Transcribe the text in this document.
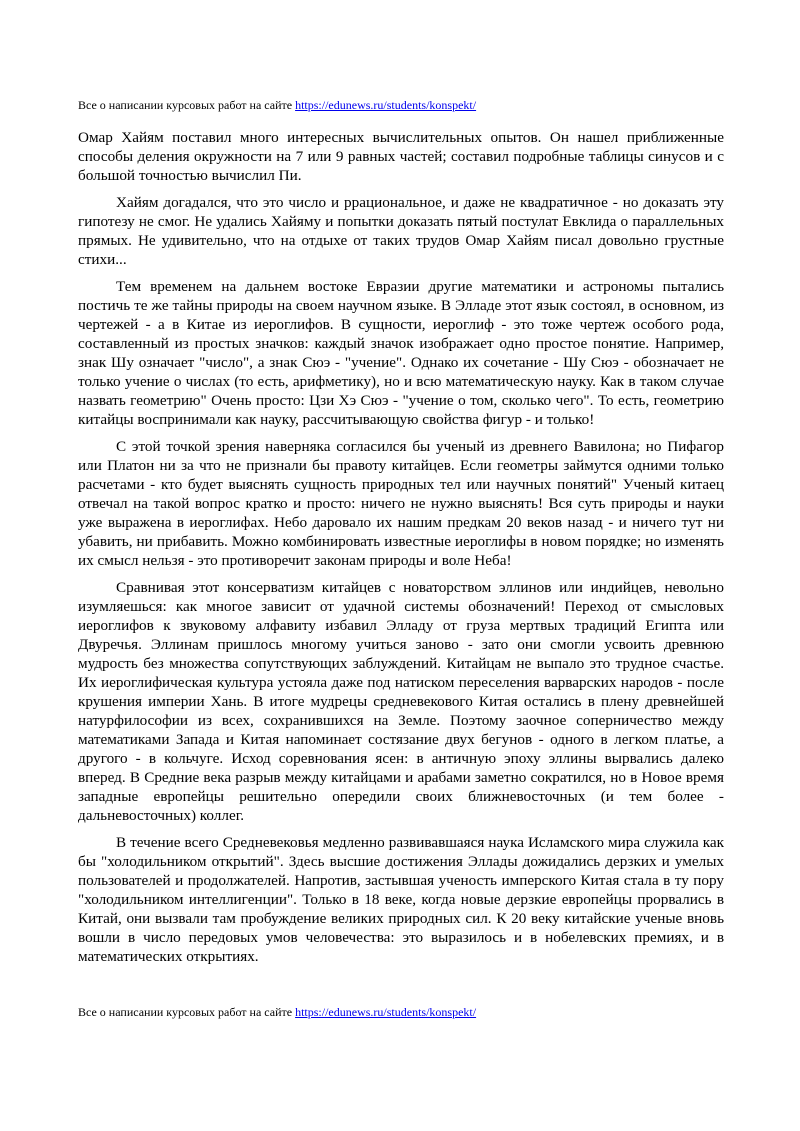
Все о написании курсовых работ на сайте https://edunews.ru/students/konspekt/

Омар Хайям поставил много интересных вычислительных опытов. Он нашел приближенные способы деления окружности на 7 или 9 равных частей; составил подробные таблицы синусов и с большой точностью вычислил Пи.

Хайям догадался, что это число и ррациональное, и даже не квадратичное - но доказать эту гипотезу не смог. Не удались Хайяму и попытки доказать пятый постулат Евклида о параллельных прямых. Не удивительно, что на отдыхе от таких трудов Омар Хайям писал довольно грустные стихи...

Тем временем на дальнем востоке Евразии другие математики и астрономы пытались постичь те же тайны природы на своем научном языке. В Элладе этот язык состоял, в основном, из чертежей - а в Китае из иероглифов. В сущности, иероглиф - это тоже чертеж особого рода, составленный из простых значков: каждый значок изображает одно простое понятие. Например, знак Шу означает "число", а знак Сюэ - "учение". Однако их сочетание - Шу Сюэ - обозначает не только учение о числах (то есть, арифметику), но и всю математическую науку. Как в таком случае назвать геометрию" Очень просто: Цзи Хэ Сюэ - "учение о том, сколько чего". То есть, геометрию китайцы воспринимали как науку, рассчитывающую свойства фигур - и только!

С этой точкой зрения наверняка согласился бы ученый из древнего Вавилона; но Пифагор или Платон ни за что не признали бы правоту китайцев. Если геометры займутся одними только расчетами - кто будет выяснять сущность природных тел или научных понятий" Ученый китаец отвечал на такой вопрос кратко и просто: ничего не нужно выяснять! Вся суть природы и науки уже выражена в иероглифах. Небо даровало их нашим предкам 20 веков назад - и ничего тут ни убавить, ни прибавить. Можно комбинировать известные иероглифы в новом порядке; но изменять их смысл нельзя - это противоречит законам природы и воле Неба!

Сравнивая этот консерватизм китайцев с новаторством эллинов или индийцев, невольно изумляешься: как многое зависит от удачной системы обозначений! Переход от смысловых иероглифов к звуковому алфавиту избавил Элладу от груза мертвых традиций Египта или Двуречья. Эллинам пришлось многому учиться заново - зато они смогли усвоить древнюю мудрость без множества сопутствующих заблуждений. Китайцам не выпало это трудное счастье. Их иероглифическая культура устояла даже под натиском переселения варварских народов - после крушения империи Хань. В итоге мудрецы средневекового Китая остались в плену древнейшей натурфилософии из всех, сохранившихся на Земле. Поэтому заочное соперничество между математиками Запада и Китая напоминает состязание двух бегунов - одного в легком платье, а другого - в кольчуге. Исход соревнования ясен: в античную эпоху эллины вырвались далеко вперед. В Средние века разрыв между китайцами и арабами заметно сократился, но в Новое время западные европейцы решительно опередили своих ближневосточных (и тем более - дальневосточных) коллег.

В течение всего Средневековья медленно развивавшаяся наука Исламского мира служила как бы "холодильником открытий". Здесь высшие достижения Эллады дожидались дерзких и умелых пользователей и продолжателей. Напротив, застывшая ученость имперского Китая стала в ту пору "холодильником интеллигенции". Только в 18 веке, когда новые дерзкие европейцы прорвались в Китай, они вызвали там пробуждение великих природных сил. К 20 веку китайские ученые вновь вошли в число передовых умов человечества: это выразилось и в нобелевских премиях, и в математических открытиях.

Все о написании курсовых работ на сайте https://edunews.ru/students/konspekt/
